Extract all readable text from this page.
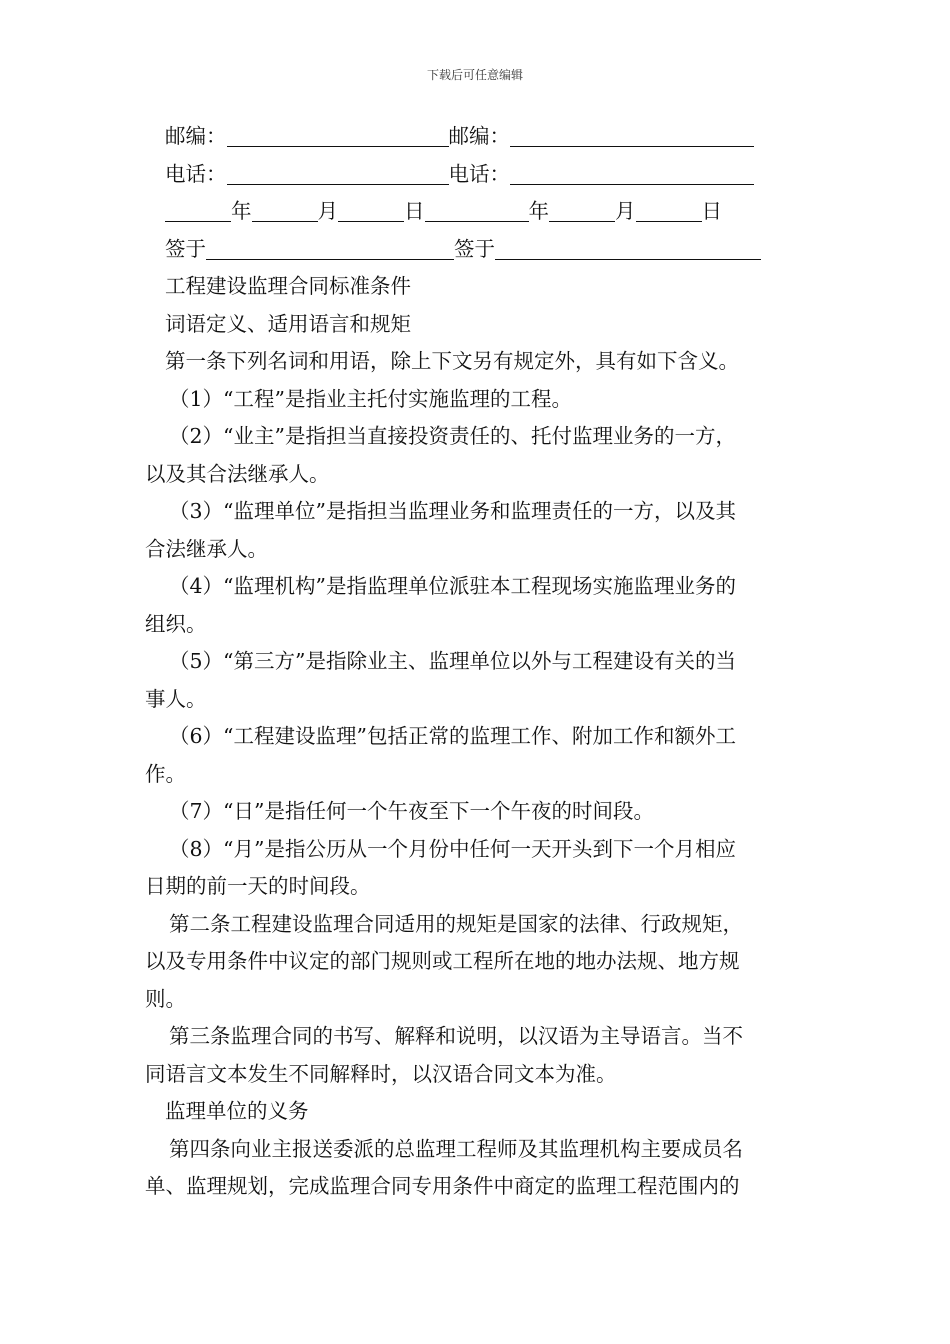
下载后可任意编辑
邮编：	邮编：
电话：	电话：
年	月	日	年	月	日
签于	签于
工程建设监理合同标准条件
词语定义、适用语言和规矩
第一条下列名词和用语，除上下文另有规定外，具有如下含义。
（1）“工程”是指业主托付实施监理的工程。
（2）“业主”是指担当直接投资责任的、托付监理业务的一方，
以及其合法继承人。
（3）“监理单位”是指担当监理业务和监理责任的一方，以及其
合法继承人。
（4）“监理机构”是指监理单位派驻本工程现场实施监理业务的
组织。
（5）“第三方”是指除业主、监理单位以外与工程建设有关的当
事人。
（6）“工程建设监理”包括正常的监理工作、附加工作和额外工
作。
（7）“日”是指任何一个午夜至下一个午夜的时间段。
（8）“月”是指公历从一个月份中任何一天开头到下一个月相应
日期的前一天的时间段。
第二条工程建设监理合同适用的规矩是国家的法律、行政规矩，
以及专用条件中议定的部门规则或工程所在地的地办法规、地方规
则。
第三条监理合同的书写、解释和说明，以汉语为主导语言。当不
同语言文本发生不同解释时，以汉语合同文本为准。
监理单位的义务
第四条向业主报送委派的总监理工程师及其监理机构主要成员名
单、监理规划，完成监理合同专用条件中商定的监理工程范围内的
